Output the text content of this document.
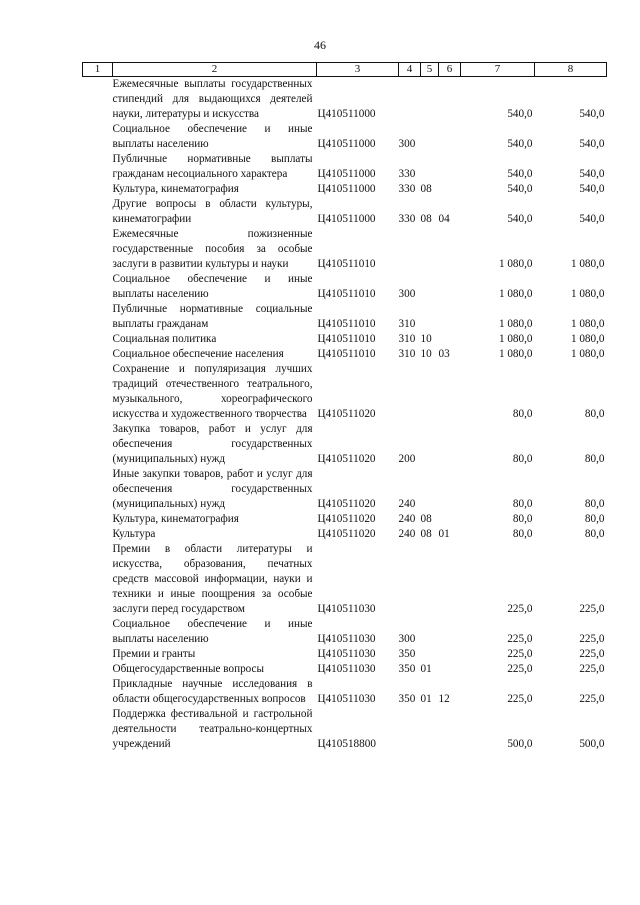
46
1	2	3	4	5	6	7	8
	Ежемесячные выплаты государственных стипендий для выдающихся деятелей науки, литературы и искусства	Ц410511000				540,0	540,0
	Социальное обеспечение и иные выплаты населению	Ц410511000	300			540,0	540,0
	Публичные нормативные выплаты гражданам несоциального характера	Ц410511000	330			540,0	540,0
	Культура, кинематография	Ц410511000	330	08		540,0	540,0
	Другие вопросы в области культуры, кинематографии	Ц410511000	330	08	04	540,0	540,0
	Ежемесячные пожизненные государственные пособия за особые заслуги в развитии культуры и науки	Ц410511010				1 080,0	1 080,0
	Социальное обеспечение и иные выплаты населению	Ц410511010	300			1 080,0	1 080,0
	Публичные нормативные социальные выплаты гражданам	Ц410511010	310			1 080,0	1 080,0
	Социальная политика	Ц410511010	310	10		1 080,0	1 080,0
	Социальное обеспечение населения	Ц410511010	310	10	03	1 080,0	1 080,0
	Сохранение и популяризация лучших традиций отечественного театрального, музыкального, хореографического искусства и художественного творчества	Ц410511020				80,0	80,0
	Закупка товаров, работ и услуг для обеспечения государственных (муниципальных) нужд	Ц410511020	200			80,0	80,0
	Иные закупки товаров, работ и услуг для обеспечения государственных (муниципальных) нужд	Ц410511020	240			80,0	80,0
	Культура, кинематография	Ц410511020	240	08		80,0	80,0
	Культура	Ц410511020	240	08	01	80,0	80,0
	Премии в области литературы и искусства, образования, печатных средств массовой информации, науки и техники и иные поощрения за особые заслуги перед государством	Ц410511030				225,0	225,0
	Социальное обеспечение и иные выплаты населению	Ц410511030	300			225,0	225,0
	Премии и гранты	Ц410511030	350			225,0	225,0
	Общегосударственные вопросы	Ц410511030	350	01		225,0	225,0
	Прикладные научные исследования в области общегосударственных вопросов	Ц410511030	350	01	12	225,0	225,0
	Поддержка фестивальной и гастрольной деятельности театрально-концертных учреждений	Ц410518800				500,0	500,0
